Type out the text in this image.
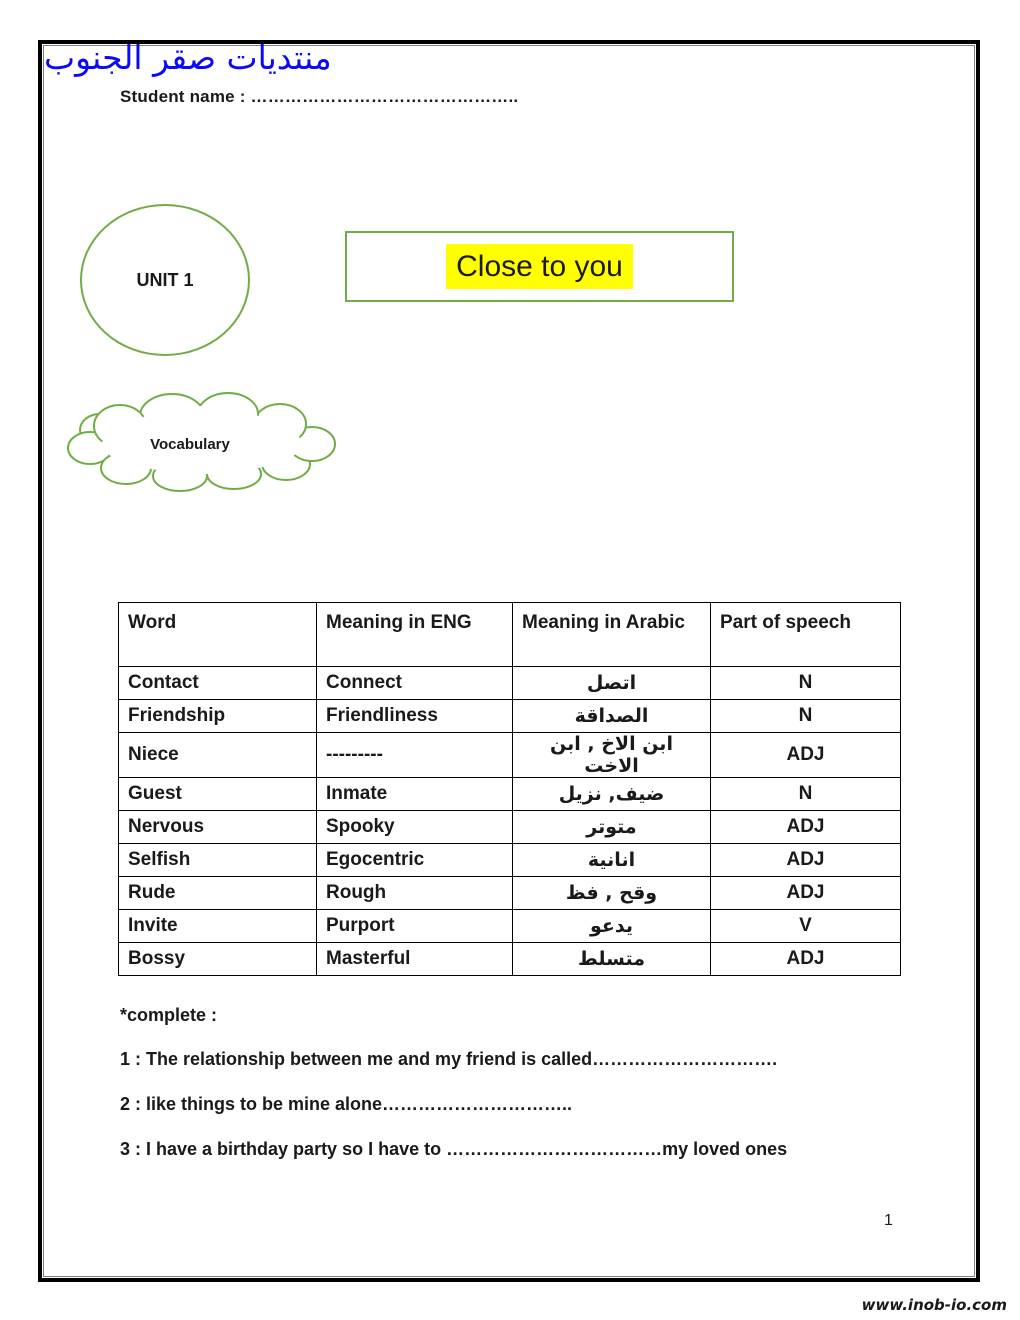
منتديات صقر الجنوب
Student name : ………………………………………..
UNIT 1	Close to you
Vocabulary
Word	Meaning in ENG	Meaning in Arabic	Part of speech
Contact	Connect	اتصل	N
Friendship	Friendliness	الصداقة	N
Niece	---------	ابن الاخ , ابن الاخت	ADJ
Guest	Inmate	ضيف, نزيل	N
Nervous	Spooky	متوتر	ADJ
Selfish	Egocentric	انانية	ADJ
Rude	Rough	وقح , فظ	ADJ
Invite	Purport	يدعو	V
Bossy	Masterful	متسلط	ADJ
*complete :
1 : The relationship between me and my friend is called………………………….
2 : like things to be mine alone…………………………..
3 : I have a birthday party so I have to ………………………………my loved ones
1
www.inob-io.com
